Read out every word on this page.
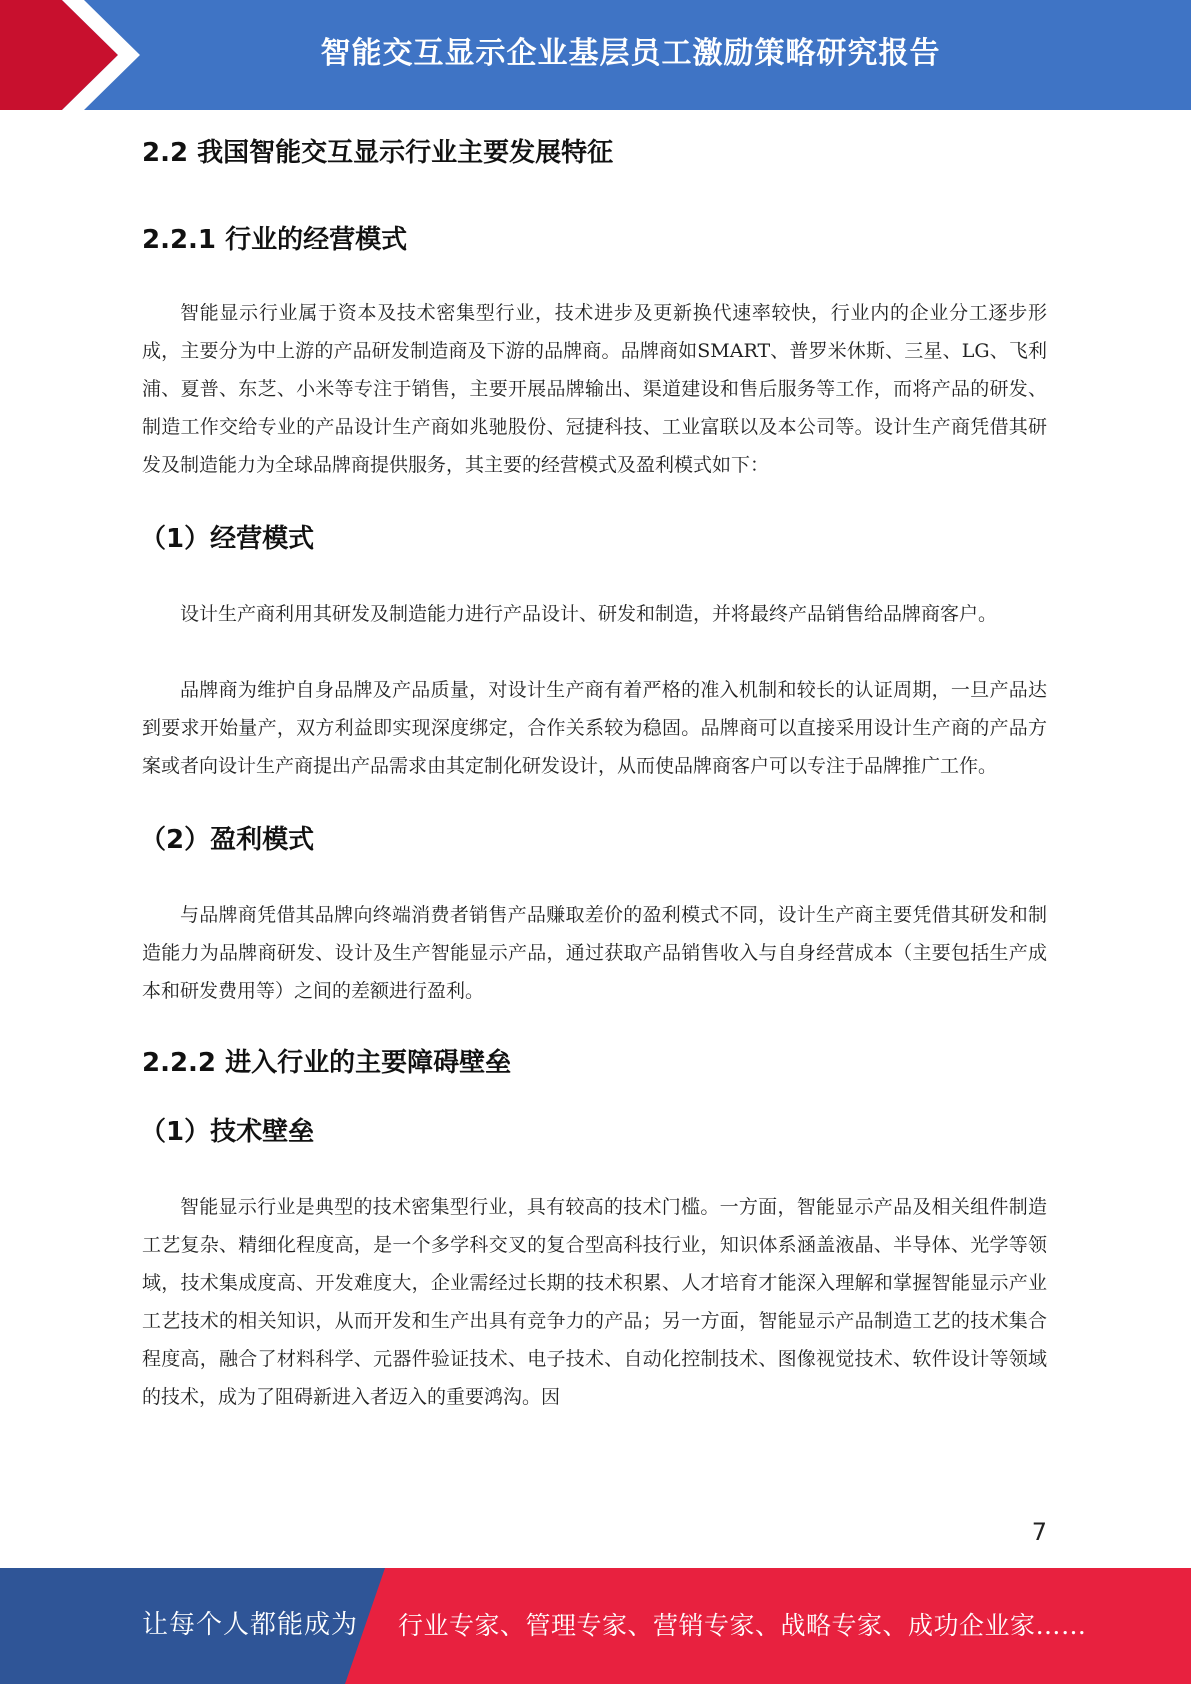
智能交互显示企业基层员工激励策略研究报告
2.2 我国智能交互显示行业主要发展特征
2.2.1 行业的经营模式

智能显示行业属于资本及技术密集型行业，技术进步及更新换代速率较快，行业内的企业分工逐步形成，主要分为中上游的产品研发制造商及下游的品牌商。品牌商如SMART、普罗米休斯、三星、LG、飞利浦、夏普、东芝、小米等专注于销售，主要开展品牌输出、渠道建设和售后服务等工作，而将产品的研发、制造工作交给专业的产品设计生产商如兆驰股份、冠捷科技、工业富联以及本公司等。设计生产商凭借其研发及制造能力为全球品牌商提供服务，其主要的经营模式及盈利模式如下：

（1）经营模式

设计生产商利用其研发及制造能力进行产品设计、研发和制造，并将最终产品销售给品牌商客户。

品牌商为维护自身品牌及产品质量，对设计生产商有着严格的准入机制和较长的认证周期，一旦产品达到要求开始量产，双方利益即实现深度绑定，合作关系较为稳固。品牌商可以直接采用设计生产商的产品方案或者向设计生产商提出产品需求由其定制化研发设计，从而使品牌商客户可以专注于品牌推广工作。

（2）盈利模式

与品牌商凭借其品牌向终端消费者销售产品赚取差价的盈利模式不同，设计生产商主要凭借其研发和制造能力为品牌商研发、设计及生产智能显示产品，通过获取产品销售收入与自身经营成本（主要包括生产成本和研发费用等）之间的差额进行盈利。

2.2.2 进入行业的主要障碍壁垒
（1）技术壁垒

智能显示行业是典型的技术密集型行业，具有较高的技术门槛。一方面，智能显示产品及相关组件制造工艺复杂、精细化程度高，是一个多学科交叉的复合型高科技行业，知识体系涵盖液晶、半导体、光学等领域，技术集成度高、开发难度大，企业需经过长期的技术积累、人才培育才能深入理解和掌握智能显示产业工艺技术的相关知识，从而开发和生产出具有竞争力的产品；另一方面，智能显示产品制造工艺的技术集合程度高，融合了材料科学、元器件验证技术、电子技术、自动化控制技术、图像视觉技术、软件设计等领域的技术，成为了阻碍新进入者迈入的重要鸿沟。因

7
让每个人都能成为 行业专家、管理专家、营销专家、战略专家、成功企业家……
